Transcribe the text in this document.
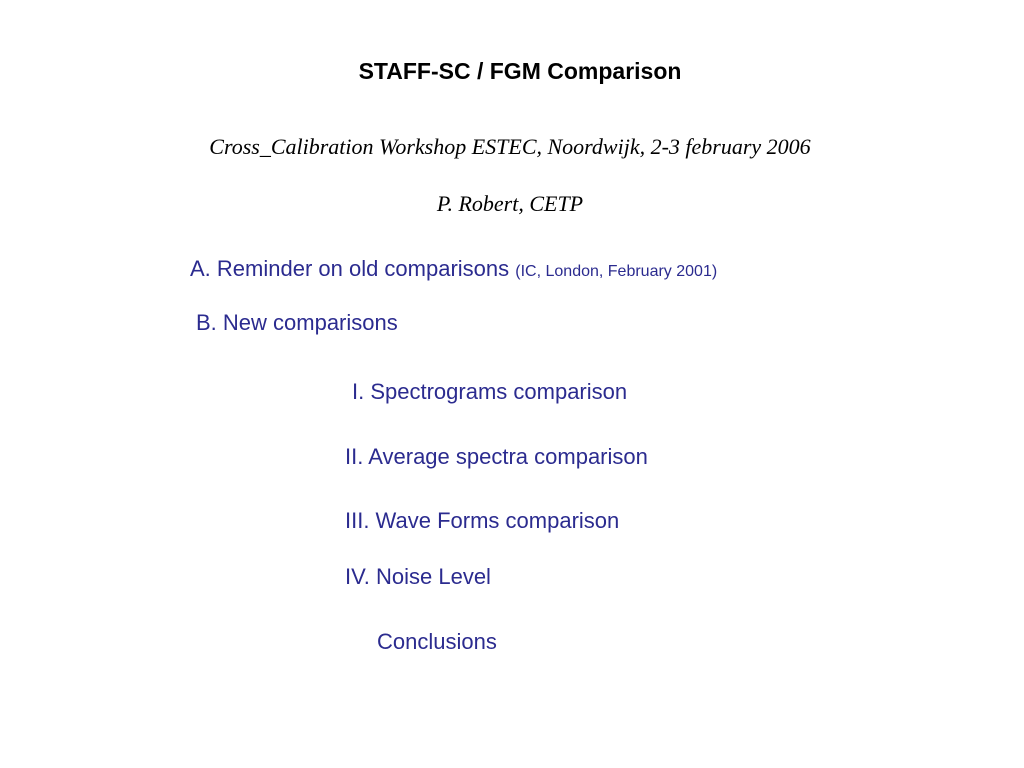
STAFF-SC / FGM Comparison
Cross_Calibration Workshop ESTEC, Noordwijk, 2-3 february 2006
P. Robert, CETP
A. Reminder on old comparisons (IC, London, February 2001)
B. New comparisons
I. Spectrograms comparison
II. Average spectra comparison
III. Wave Forms comparison
IV. Noise Level
Conclusions
